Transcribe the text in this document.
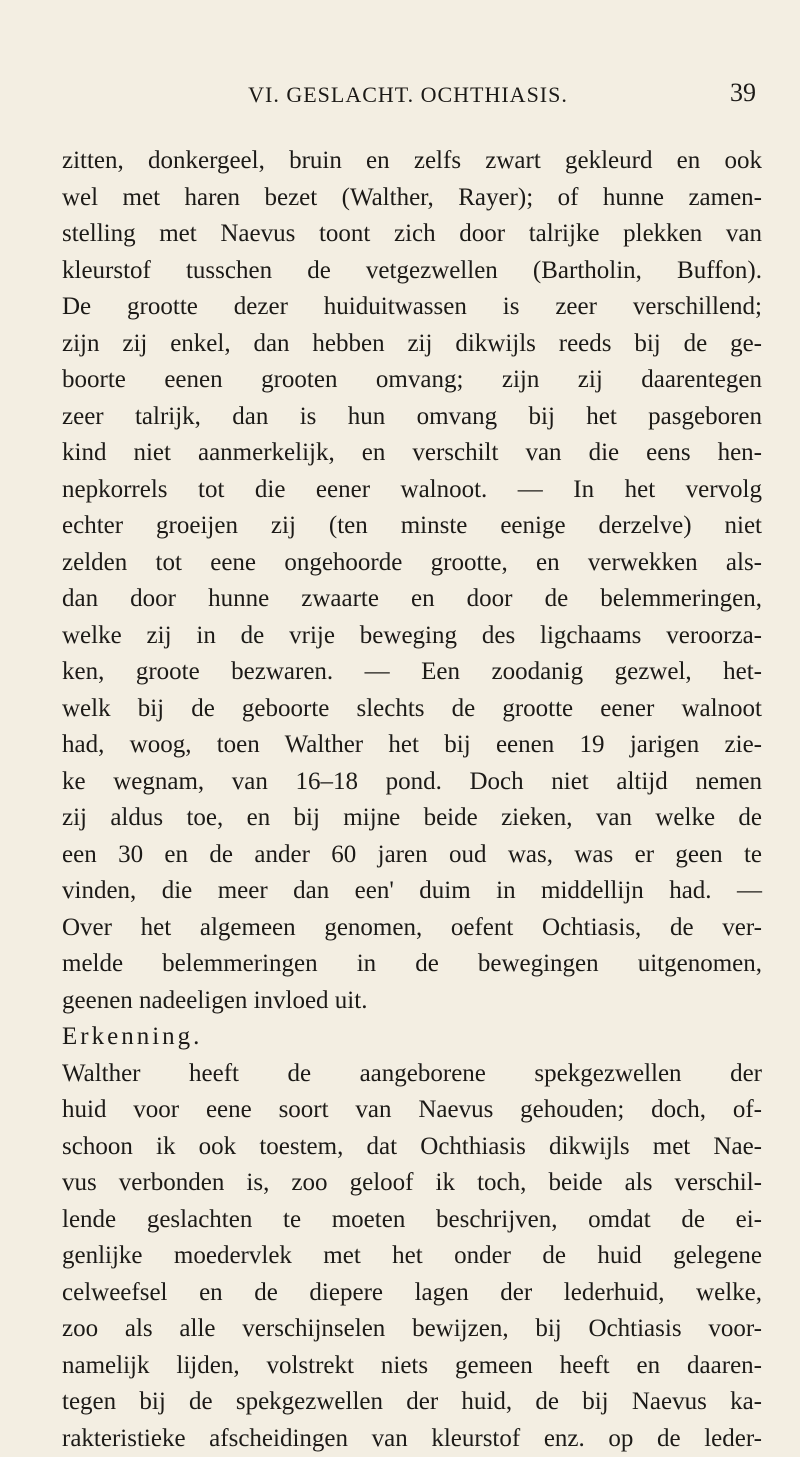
VI. GESLACHT. OCHTHIASIS.	39
zitten, donkergeel, bruin en zelfs zwart gekleurd en ook
wel met haren bezet (Walther, Rayer); of hunne zamen-
stelling met Naevus toont zich door talrijke plekken van
kleurstof tusschen de vetgezwellen (Bartholin, Buffon).
De grootte dezer huiduitwassen is zeer verschillend;
zijn zij enkel, dan hebben zij dikwijls reeds bij de ge-
boorte eenen grooten omvang; zijn zij daarentegen
zeer talrijk, dan is hun omvang bij het pasgeboren
kind niet aanmerkelijk, en verschilt van die eens hen-
nepkorrels tot die eener walnoot. — In het vervolg
echter groeijen zij (ten minste eenige derzelve) niet
zelden tot eene ongehoorde grootte, en verwekken als-
dan door hunne zwaarte en door de belemmeringen,
welke zij in de vrije beweging des ligchaams veroorza-
ken, groote bezwaren. — Een zoodanig gezwel, het-
welk bij de geboorte slechts de grootte eener walnoot
had, woog, toen Walther het bij eenen 19 jarigen zie-
ke wegnam, van 16–18 pond. Doch niet altijd nemen
zij aldus toe, en bij mijne beide zieken, van welke de
een 30 en de ander 60 jaren oud was, was er geen te
vinden, die meer dan een' duim in middellijn had. —
Over het algemeen genomen, oefent Ochtiasis, de ver-
melde belemmeringen in de bewegingen uitgenomen,
geenen nadeeligen invloed uit.
Erkenning.
Walther heeft de aangeborene spekgezwellen der
huid voor eene soort van Naevus gehouden; doch, of-
schoon ik ook toestem, dat Ochthiasis dikwijls met Nae-
vus verbonden is, zoo geloof ik toch, beide als verschil-
lende geslachten te moeten beschrijven, omdat de ei-
genlijke moedervlek met het onder de huid gelegene
celweefsel en de diepere lagen der lederhuid, welke,
zoo als alle verschijnselen bewijzen, bij Ochtiasis voor-
namelijk lijden, volstrekt niets gemeen heeft en daaren-
tegen bij de spekgezwellen der huid, de bij Naevus ka-
rakteristieke afscheidingen van kleurstof enz. op de leder-
